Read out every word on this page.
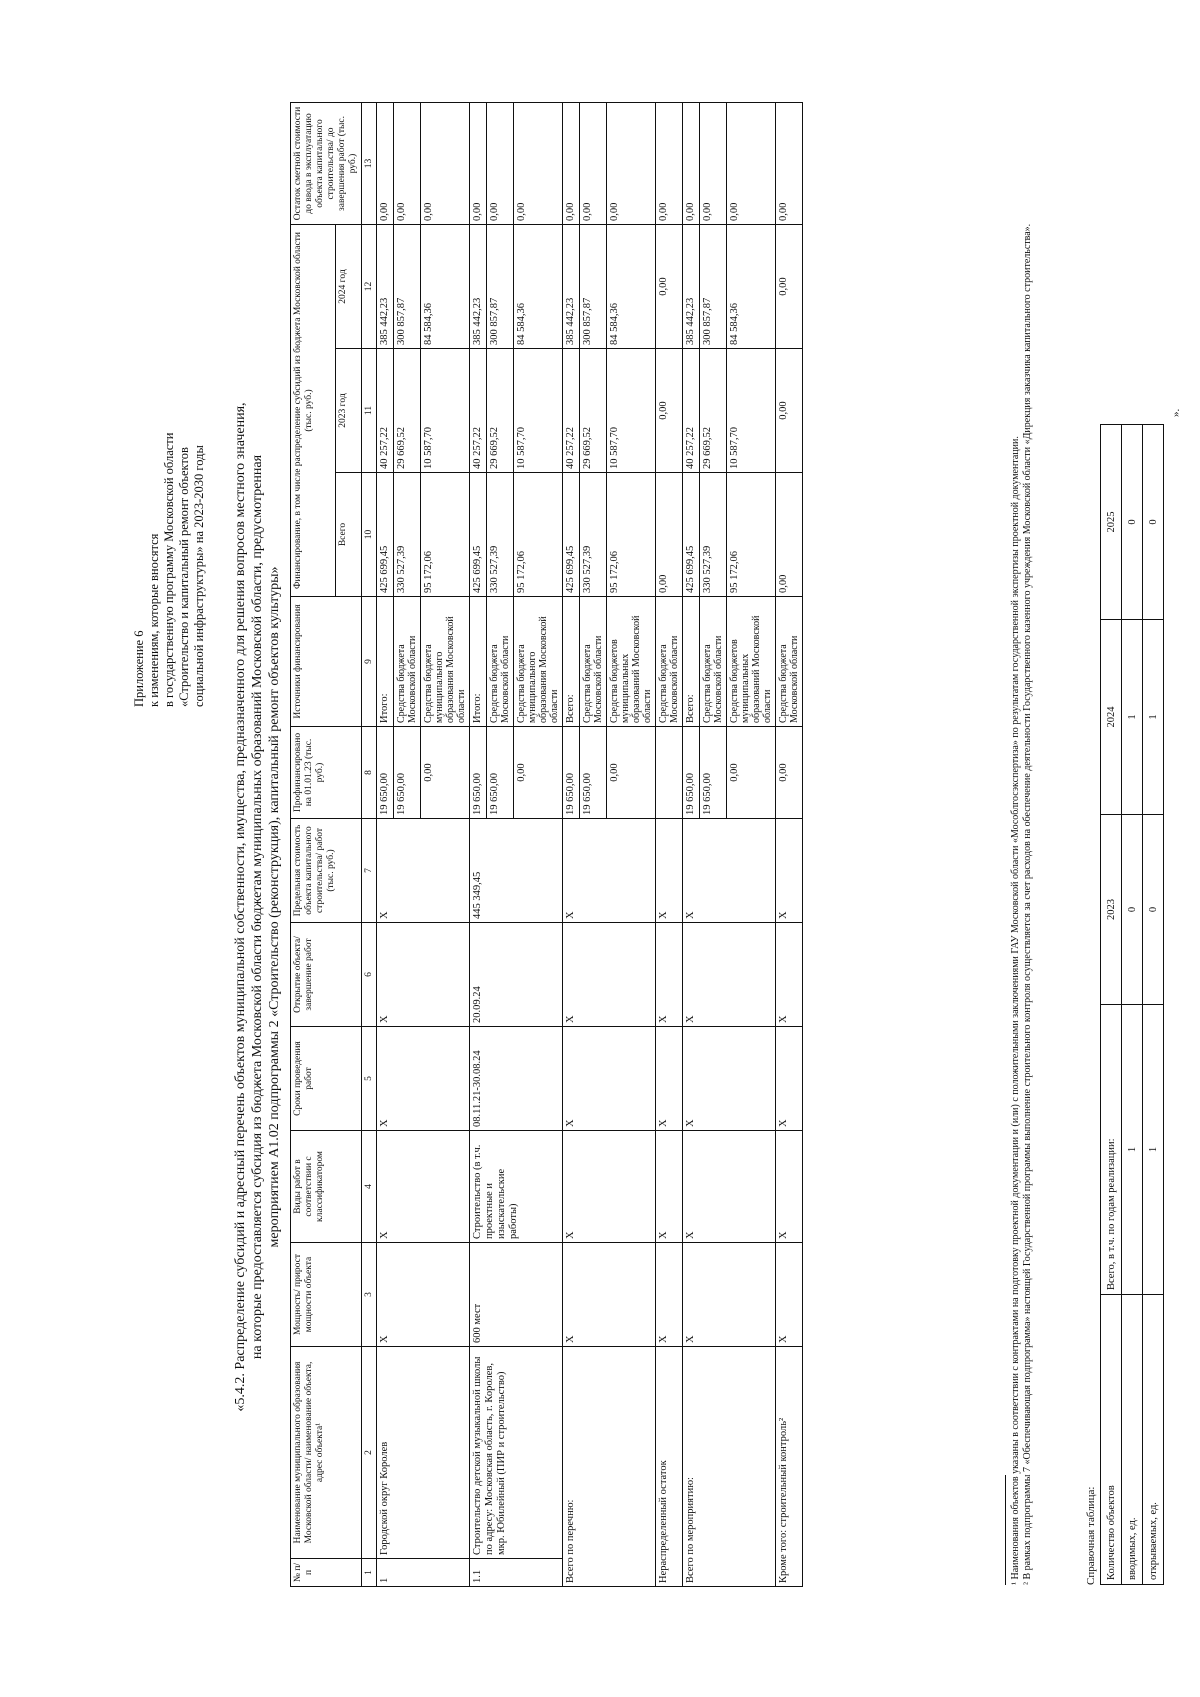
Приложение 6 к изменениям, которые вносятся в государственную программу Московской области «Строительство и капитальный ремонт объектов социальной инфраструктуры» на 2023-2030 годы «5.4.2. Распределение субсидий и адресный перечень объектов муниципальной собственности, имущества, предназначенного для решения вопросов местного значения, на которые предоставляется субсидия из бюджета Московской области бюджетам муниципальных образований Московской области, предусмотренная мероприятием А1.02 подпрограммы 2 «Строительство (реконструкция), капитальный ремонт объектов культуры»
№ п/п	Наименование муниципального образования Московской области/ наименование объекта, адрес объекта¹	Мощность/ прирост мощности объекта	Виды работ в соответствии с классификатором	Сроки проведения работ	Открытие объекта/ завершение работ	Предельная стоимость объекта капитального строительства/ работ (тыс. руб.)	Профинансировано на 01.01.23 (тыс. руб.)	Источники финансирования	Финансирование, в том числе распределение субсидий из бюджета Московской области (тыс. руб.)			Остаток сметной стоимости до ввода в эксплуатацию объекта капитального строительства/ до завершения работ (тыс. руб.)
									Всего	2023 год	2024 год	
1	2	3	4	5	6	7	8	9	10	11	12	13
1	Городской округ Королев	Х	Х	Х	Х	Х	19 650,00	Итого:	425 699,45	40 257,22	385 442,23	0,00
							19 650,00	Средства бюджета Московской области	330 527,39	29 669,52	300 857,87	0,00
							0,00	Средства бюджета муниципального образования Московской области	95 172,06	10 587,70	84 584,36	0,00
1.1	Строительство детской музыкальной школы по адресу: Московская область, г. Королев, мкр. Юбилейный (ПИР и строительство)	600 мест	Строительство (в т.ч. проектные и изыскательские работы)	08.11.21-30.08.24	20.09.24	445 349,45	19 650,00	Итого:	425 699,45	40 257,22	385 442,23	0,00
							19 650,00	Средства бюджета Московской области	330 527,39	29 669,52	300 857,87	0,00
							0,00	Средства бюджета муниципального образования Московской области	95 172,06	10 587,70	84 584,36	0,00
Всего по перечню:		Х	Х	Х	Х	Х	19 650,00	Всего:	425 699,45	40 257,22	385 442,23	0,00
							19 650,00	Средства бюджета Московской области	330 527,39	29 669,52	300 857,87	0,00
							0,00	Средства бюджетов муниципальных образований Московской области	95 172,06	10 587,70	84 584,36	0,00
Нераспределенный остаток		Х	Х	Х	Х	Х		Средства бюджета Московской области	0,00	0,00	0,00	0,00
Всего по мероприятию:		Х	Х	Х	Х	Х	19 650,00	Всего:	425 699,45	40 257,22	385 442,23	0,00
							19 650,00	Средства бюджета Московской области	330 527,39	29 669,52	300 857,87	0,00
							0,00	Средства бюджетов муниципальных образований Московской области	95 172,06	10 587,70	84 584,36	0,00
Кроме того: строительный контроль²		Х	Х	Х	Х	Х	0,00	Средства бюджета Московской области	0,00	0,00	0,00	0,00
¹ Наименования объектов указаны в соответствии с контрактами на подготовку проектной документации и (или) с положительными заключениями ГАУ Московской области «Мособлгосэкспертиза» по результатам государственной экспертизы проектной документации. ² В рамках подпрограммы 7 «Обеспечивающая подпрограмма» настоящей Государственной программы выполнение строительного контроля осуществляется за счет расходов на обеспечение деятельности Государственного казенного учреждения Московской области «Дирекция заказчика капитального строительства».	Справочная таблица: Количество объектов	Всего, в т.ч. по годам реализации:	2023	2024	2025
вводимых, ед.	1	0	1	0
открываемых, ед.	1	0	1	0
».
